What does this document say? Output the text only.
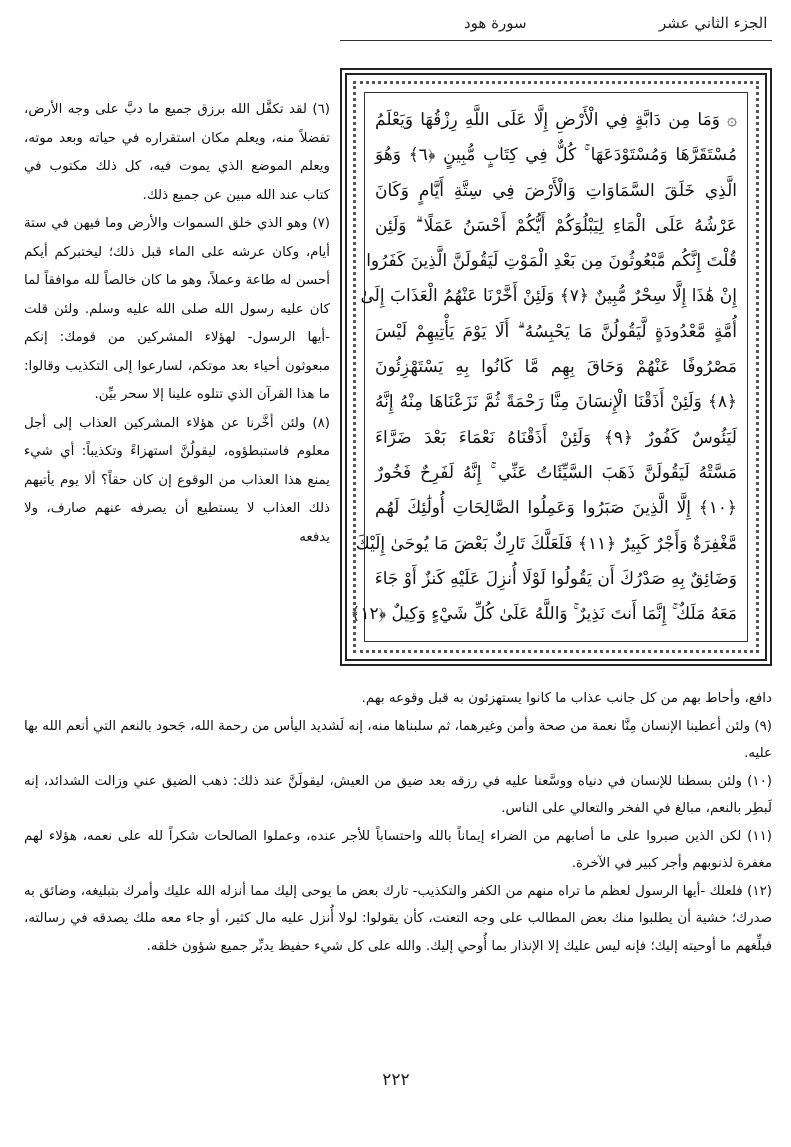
الجزء الثاني عشر
سورة هود
۞ وَمَا مِن دَابَّةٍ فِي الْأَرْضِ إِلَّا عَلَى اللَّهِ رِزْقُهَا وَيَعْلَمُ
مُسْتَقَرَّهَا وَمُسْتَوْدَعَهَا ۚ كُلٌّ فِي كِتَابٍ مُّبِينٍ ﴿٦﴾ وَهُوَ
الَّذِي خَلَقَ السَّمَاوَاتِ وَالْأَرْضَ فِي سِتَّةِ أَيَّامٍ وَكَانَ
عَرْشُهُ عَلَى الْمَاءِ لِيَبْلُوَكُمْ أَيُّكُمْ أَحْسَنُ عَمَلًا ۗ وَلَئِن
قُلْتَ إِنَّكُم مَّبْعُوثُونَ مِن بَعْدِ الْمَوْتِ لَيَقُولَنَّ الَّذِينَ كَفَرُوا
إِنْ هَٰذَا إِلَّا سِحْرٌ مُّبِينٌ ﴿٧﴾ وَلَئِنْ أَخَّرْنَا عَنْهُمُ الْعَذَابَ إِلَىٰ
أُمَّةٍ مَّعْدُودَةٍ لَّيَقُولُنَّ مَا يَحْبِسُهُ ۗ أَلَا يَوْمَ يَأْتِيهِمْ لَيْسَ
مَصْرُوفًا عَنْهُمْ وَحَاقَ بِهِم مَّا كَانُوا بِهِ يَسْتَهْزِئُونَ
﴿٨﴾ وَلَئِنْ أَذَقْنَا الْإِنسَانَ مِنَّا رَحْمَةً ثُمَّ نَزَعْنَاهَا مِنْهُ إِنَّهُ
لَيَئُوسٌ كَفُورٌ ﴿٩﴾ وَلَئِنْ أَذَقْنَاهُ نَعْمَاءَ بَعْدَ ضَرَّاءَ
مَسَّتْهُ لَيَقُولَنَّ ذَهَبَ السَّيِّئَاتُ عَنِّي ۚ إِنَّهُ لَفَرِحٌ فَخُورٌ
﴿١٠﴾ إِلَّا الَّذِينَ صَبَرُوا وَعَمِلُوا الصَّالِحَاتِ أُولَٰئِكَ لَهُم
مَّغْفِرَةٌ وَأَجْرٌ كَبِيرٌ ﴿١١﴾ فَلَعَلَّكَ تَارِكٌ بَعْضَ مَا يُوحَىٰ إِلَيْكَ
وَضَائِقٌ بِهِ صَدْرُكَ أَن يَقُولُوا لَوْلَا أُنزِلَ عَلَيْهِ كَنزٌ أَوْ جَاءَ
مَعَهُ مَلَكٌ ۚ إِنَّمَا أَنتَ نَذِيرٌ ۚ وَاللَّهُ عَلَىٰ كُلِّ شَيْءٍ وَكِيلٌ ﴿١٢﴾

(٦) لقد تكفَّل الله برزق جميع ما دبَّ على وجه الأرض، تفضلاً منه، ويعلم مكان استقراره في حياته وبعد موته، ويعلم الموضع الذي يموت فيه، كل ذلك مكتوب في كتاب عند الله مبين عن جميع ذلك.

(٧) وهو الذي خلق السموات والأرض وما فيهن في ستة أيام، وكان عرشه على الماء قبل ذلك؛ ليختبركم أيكم أحسن له طاعة وعملاً، وهو ما كان خالصاً لله موافقاً لما كان عليه رسول الله صلى الله عليه وسلم. ولئن قلت -أيها الرسول- لهؤلاء المشركين من قومك: إنكم مبعوثون أحياء بعد موتكم، لسارعوا إلى التكذيب وقالوا: ما هذا القرآن الذي تتلوه علينا إلا سحر بيِّن.

(٨) ولئن أخَّرنا عن هؤلاء المشركين العذاب إلى أجل معلوم فاستبطؤوه، ليقولُنَّ استهزاءً وتكذيباً: أي شيء يمنع هذا العذاب من الوقوع إن كان حقاً؟ ألا يوم يأتيهم ذلك العذاب لا يستطيع أن يصرفه عنهم صارف، ولا يدفعه

دافع، وأحاط بهم من كل جانب عذاب ما كانوا يستهزئون به قبل وقوعه بهم.

(٩) ولئن أعطينا الإنسان مِنَّا نعمة من صحة وأمن وغيرهما، ثم سلبناها منه، إنه لَشديد اليأس من رحمة الله، جَحود بالنعم التي أنعم الله بها عليه.

(١٠) ولئن بسطنا للإنسان في دنياه ووسَّعنا عليه في رزقه بعد ضيق من العيش، ليقولَنَّ عند ذلك: ذهب الضيق عني وزالت الشدائد، إنه لَبطِر بالنعم، مبالغ في الفخر والتعالي على الناس.

(١١) لكن الذين صبروا على ما أصابهم من الضراء إيماناً بالله واحتساباً للأجر عنده، وعملوا الصالحات شكراً لله على نعمه، هؤلاء لهم مغفرة لذنوبهم وأجر كبير في الآخرة.

(١٢) فلعلك -أيها الرسول لعظم ما تراه منهم من الكفر والتكذيب- تارك بعض ما يوحى إليك مما أنزله الله عليك وأمرك بتبليغه، وضائق به صدرك؛ خشية أن يطلبوا منك بعض المطالب على وجه التعنت، كأن يقولوا: لولا أُنزل عليه مال كثير، أو جاء معه ملك يصدقه في رسالته، فبلِّغهم ما أوحيته إليك؛ فإنه ليس عليك إلا الإنذار بما أُوحي إليك. والله على كل شيء حفيظ يدبِّر جميع شؤون خلقه.

٢٢٢
